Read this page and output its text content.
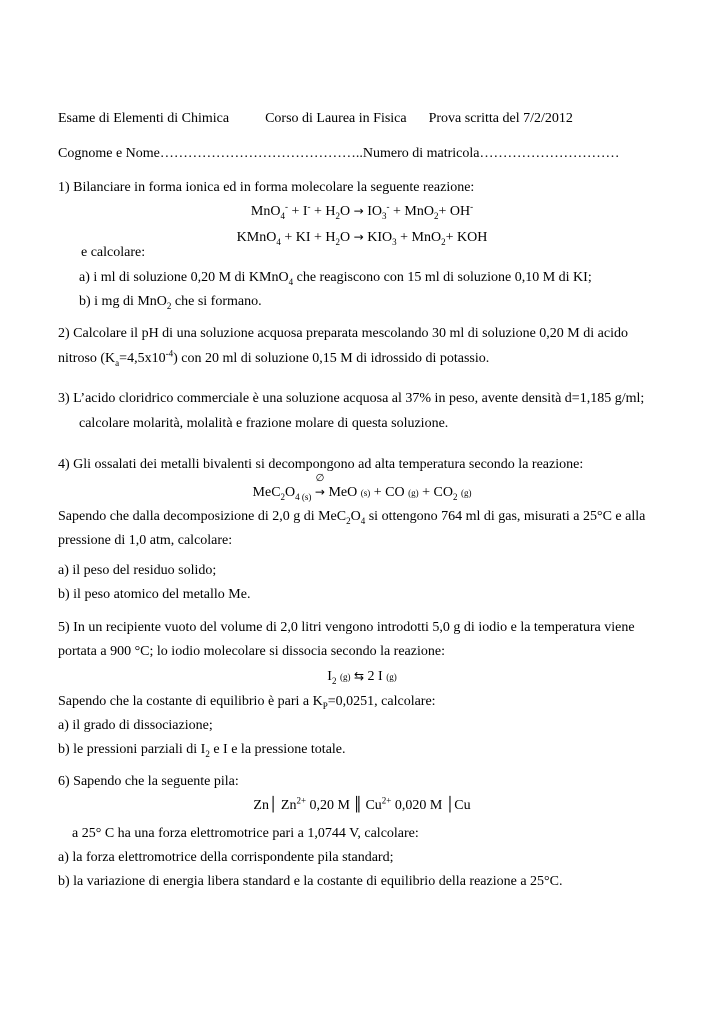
Esame di Elementi di Chimica	Corso di Laurea in Fisica Prova scritta del 7/2/2012
Cognome e Nome……………………………………..Numero di matricola…………………………
1) Bilanciare in forma ionica ed in forma molecolare la seguente reazione:
$MnO_4^- + I^- + H_2O \to IO_3^- + MnO_2+ OH^-$
KMnO$_4$ + KI + $H_2O \to KIO_3 + MnO_2+$ KOH
e calcolare:
a) i ml di soluzione 0,20 M di KMnO$_4$ che reagiscono con 15 ml di soluzione 0,10 M di KI;
b) i mg di MnO$_2$ che si formano.
2) Calcolare il pH di una soluzione acquosa preparata mescolando 30 ml di soluzione 0,20 M di acido
nitroso $(K_a=4,5x10^{-4})$ con 20 ml di soluzione 0,15 M di idrossido di potassio.
3) L’acido cloridrico commerciale è una soluzione acquosa al 37% in peso, avente densità d=1,185 g/ml;
calcolare molarità, molalità e frazione molare di questa soluzione.
4) Gli ossalati dei metalli bivalenti si decompongono ad alta temperatura secondo la reazione:
$MeC_2O_{4 (s)}$
∅
→ MeO (s) + CO $(g) + CO_2$ (g)
Sapendo che dalla decomposizione di 2,0 g di $MeC_2O_4$ si ottengono 764 ml di gas, misurati a 25°C e alla
pressione di 1,0 atm, calcolare:
a) il peso del residuo solido;
b) il peso atomico del metallo Me.
5) In un recipiente vuoto del volume di 2,0 litri vengono introdotti 5,0 g di iodio e la temperatura viene
portata a 900 °C; lo iodio molecolare si dissocia secondo la reazione:
$I_2$ (g) ⇆ 2 I (g)
Sapendo che la costante di equilibrio è pari a $K_P=0,0251$, calcolare:
a) il grado di dissociazione;
b) le pressioni parziali di $I_2$ e I e la pressione totale.
6) Sapendo che la seguente pila:
Zn│ $Zn^{2+}$ 0,20 M ║ $Cu^{2+}$ 0,020 M │Cu
a 25° C ha una forza elettromotrice pari a 1,0744 V, calcolare:
a) la forza elettromotrice della corrispondente pila standard;
b) la variazione di energia libera standard e la costante di equilibrio della reazione a 25°C.
